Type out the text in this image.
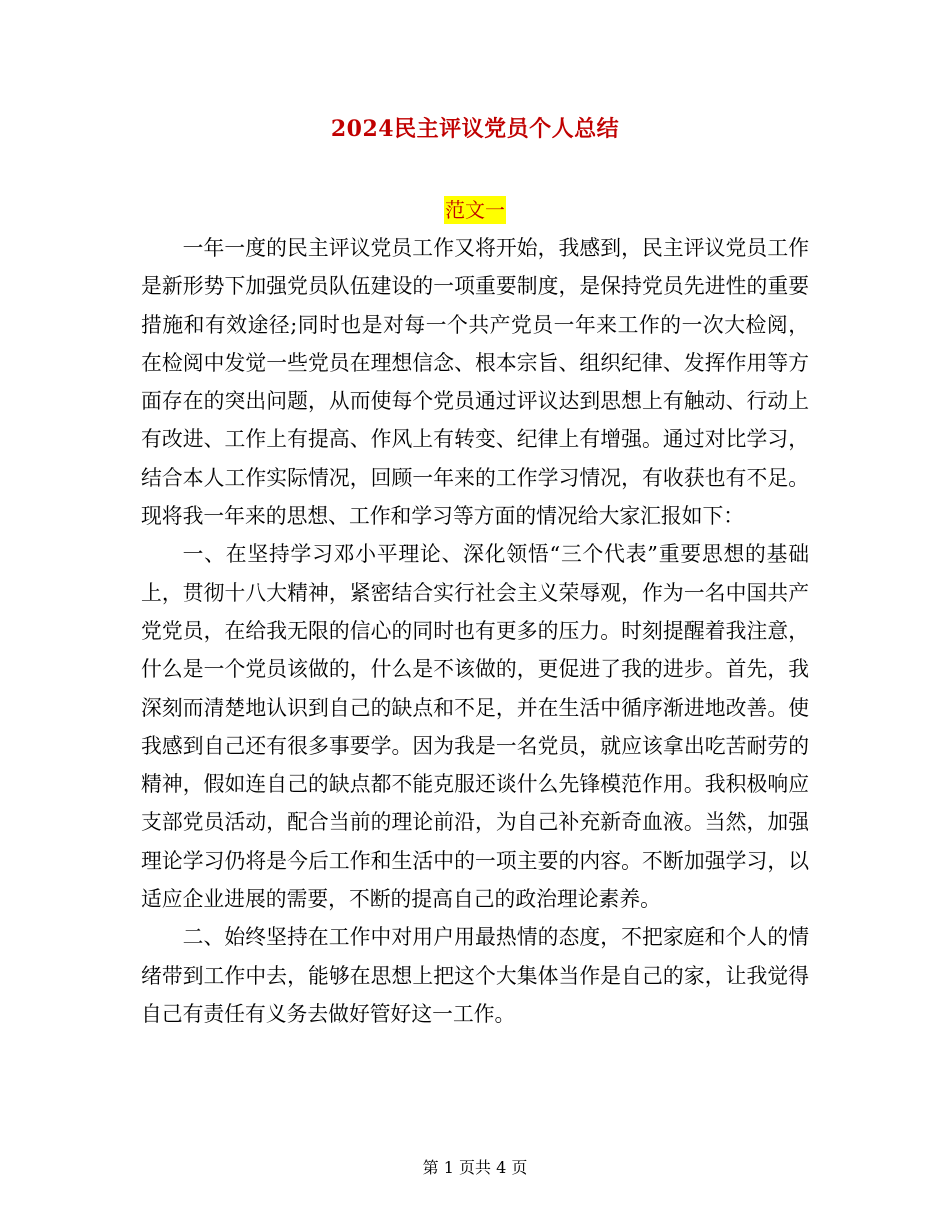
2024民主评议党员个人总结
范文一

一年一度的民主评议党员工作又将开始，我感到，民主评议党员工作是新形势下加强党员队伍建设的一项重要制度，是保持党员先进性的重要措施和有效途径;同时也是对每一个共产党员一年来工作的一次大检阅，在检阅中发觉一些党员在理想信念、根本宗旨、组织纪律、发挥作用等方面存在的突出问题，从而使每个党员通过评议达到思想上有触动、行动上有改进、工作上有提高、作风上有转变、纪律上有增强。通过对比学习，结合本人工作实际情况，回顾一年来的工作学习情况，有收获也有不足。现将我一年来的思想、工作和学习等方面的情况给大家汇报如下：

一、在坚持学习邓小平理论、深化领悟“三个代表”重要思想的基础上，贯彻十八大精神，紧密结合实行社会主义荣辱观，作为一名中国共产党党员，在给我无限的信心的同时也有更多的压力。时刻提醒着我注意，什么是一个党员该做的，什么是不该做的，更促进了我的进步。首先，我深刻而清楚地认识到自己的缺点和不足，并在生活中循序渐进地改善。使我感到自己还有很多事要学。因为我是一名党员，就应该拿出吃苦耐劳的精神，假如连自己的缺点都不能克服还谈什么先锋模范作用。我积极响应支部党员活动，配合当前的理论前沿，为自己补充新奇血液。当然，加强理论学习仍将是今后工作和生活中的一项主要的内容。不断加强学习，以适应企业进展的需要，不断的提高自己的政治理论素养。

二、始终坚持在工作中对用户用最热情的态度，不把家庭和个人的情绪带到工作中去，能够在思想上把这个大集体当作是自己的家，让我觉得自己有责任有义务去做好管好这一工作。

第 1 页共 4 页
